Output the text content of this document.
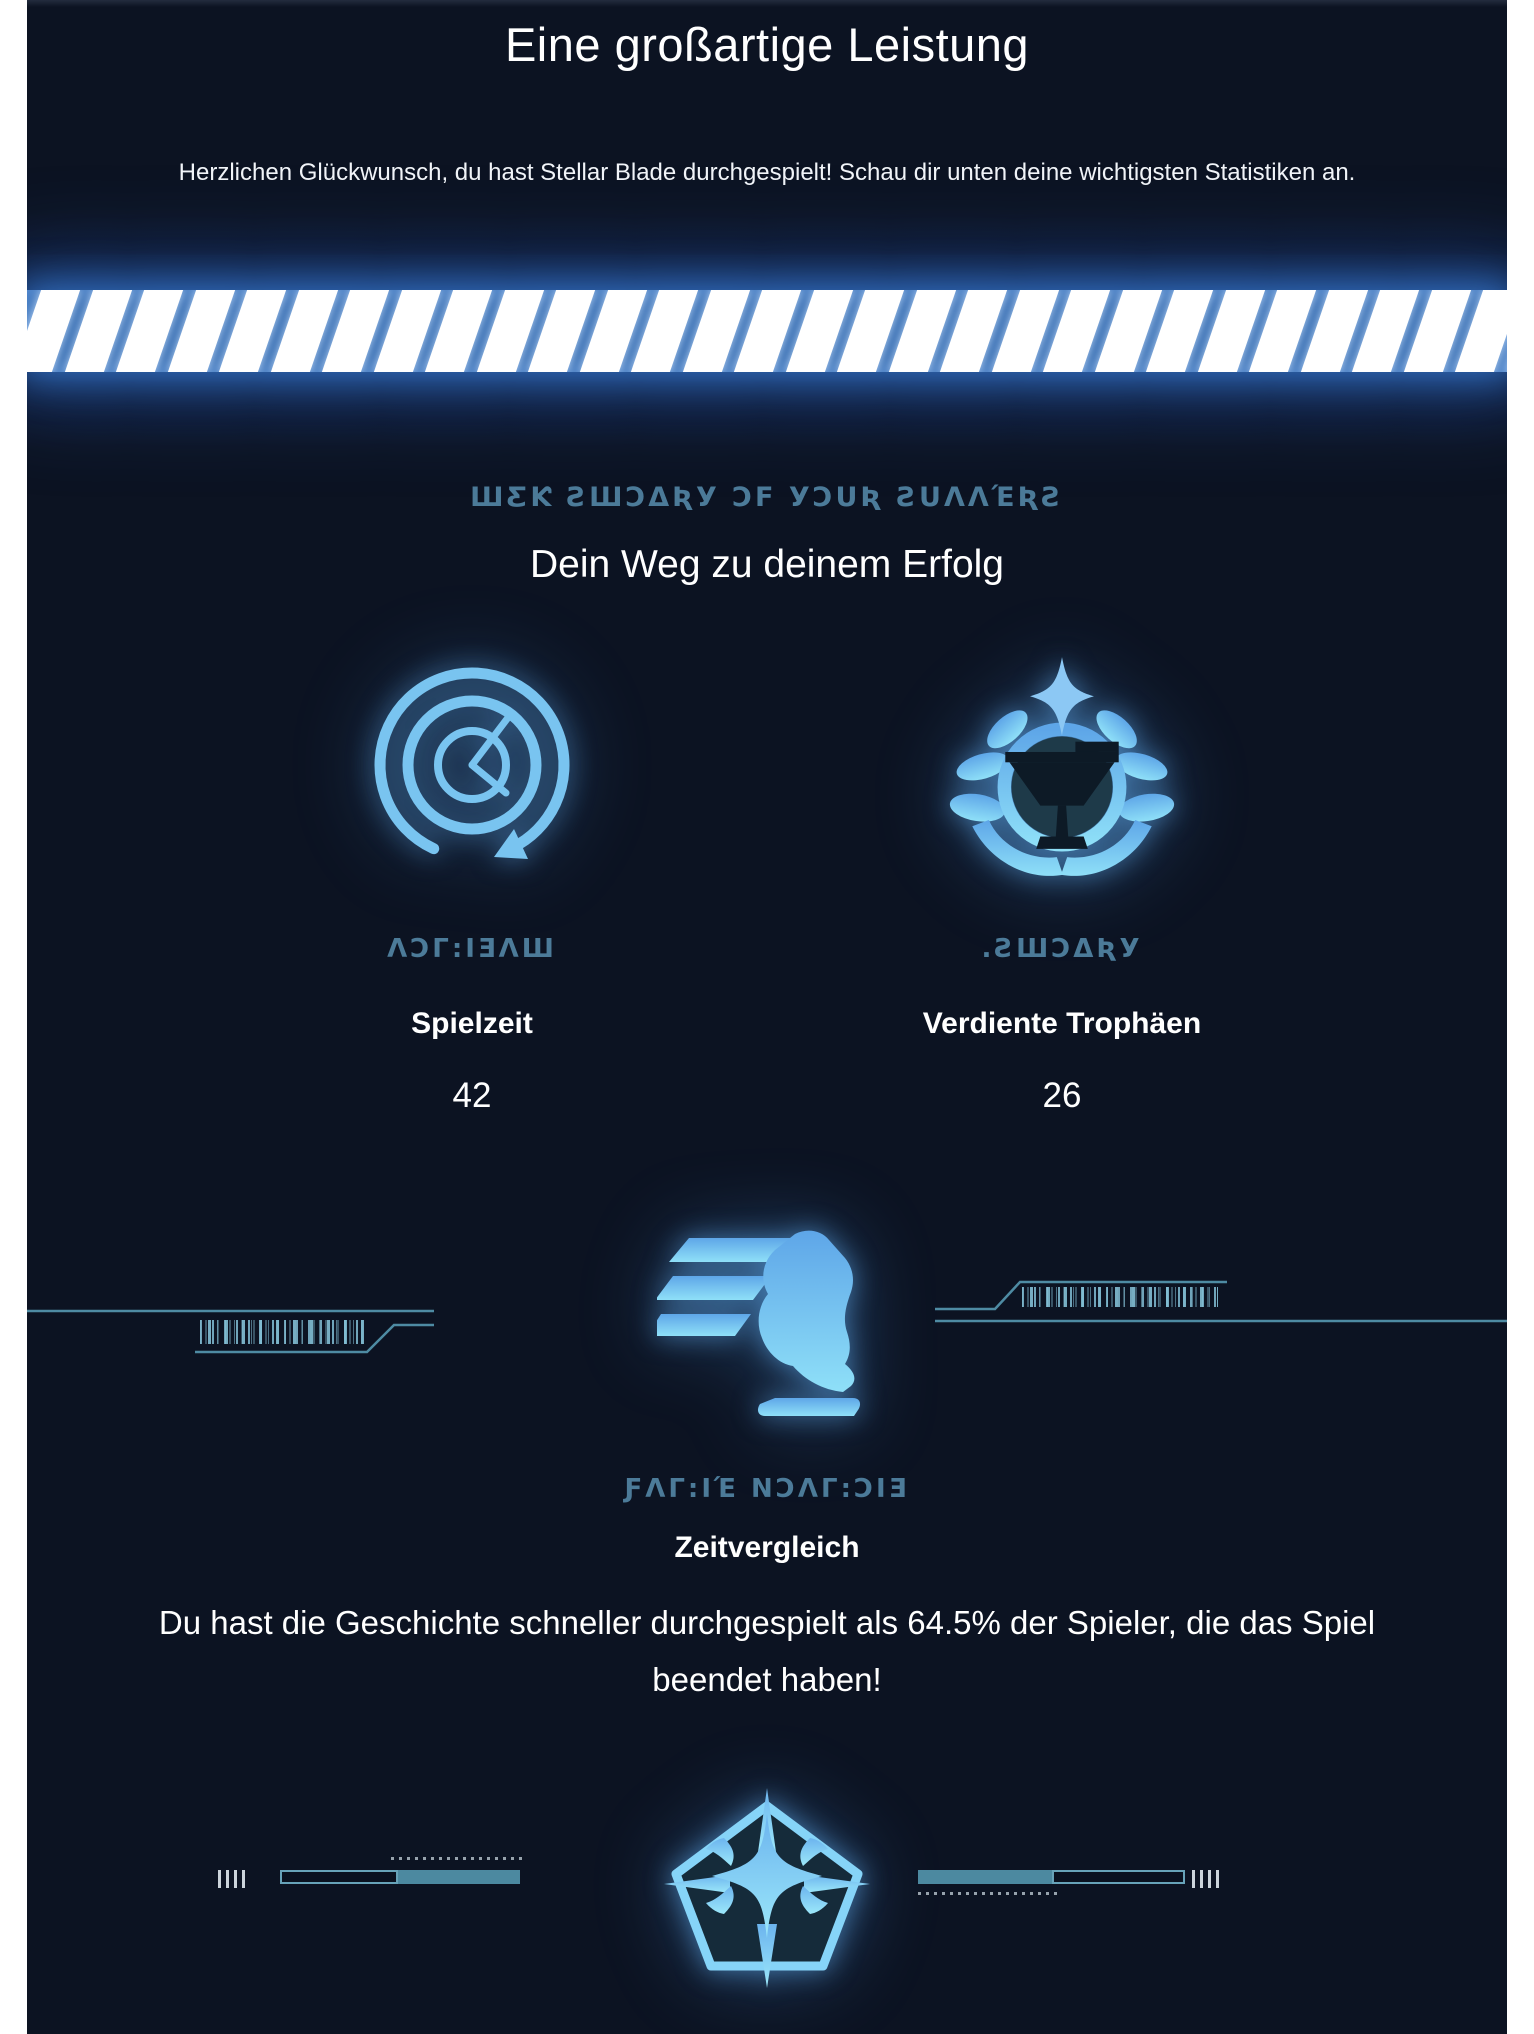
Eine großartige Leistung

Herzlichen Glückwunsch, du hast Stellar Blade durchgespielt! Schau dir unten deine wichtigsten Statistiken an.

ШƸƘ ƧШƆΔƦУ ƆϜ УƆUƦ ƧUΛΛΈƦƧ
Dein Weg zu deinem Erfolg
ΛƆΓ:ΙƎΛШ
Spielzeit
42
.ƧШƆΔƦУ
Verdiente Trophäen
26
ƑΛΓ:ΙΈ ΝƆΛΓ:ƆΙƎ
Zeitvergleich

Du hast die Geschichte schneller durchgespielt als 64.5% der Spieler, die das Spiel beendet haben!
